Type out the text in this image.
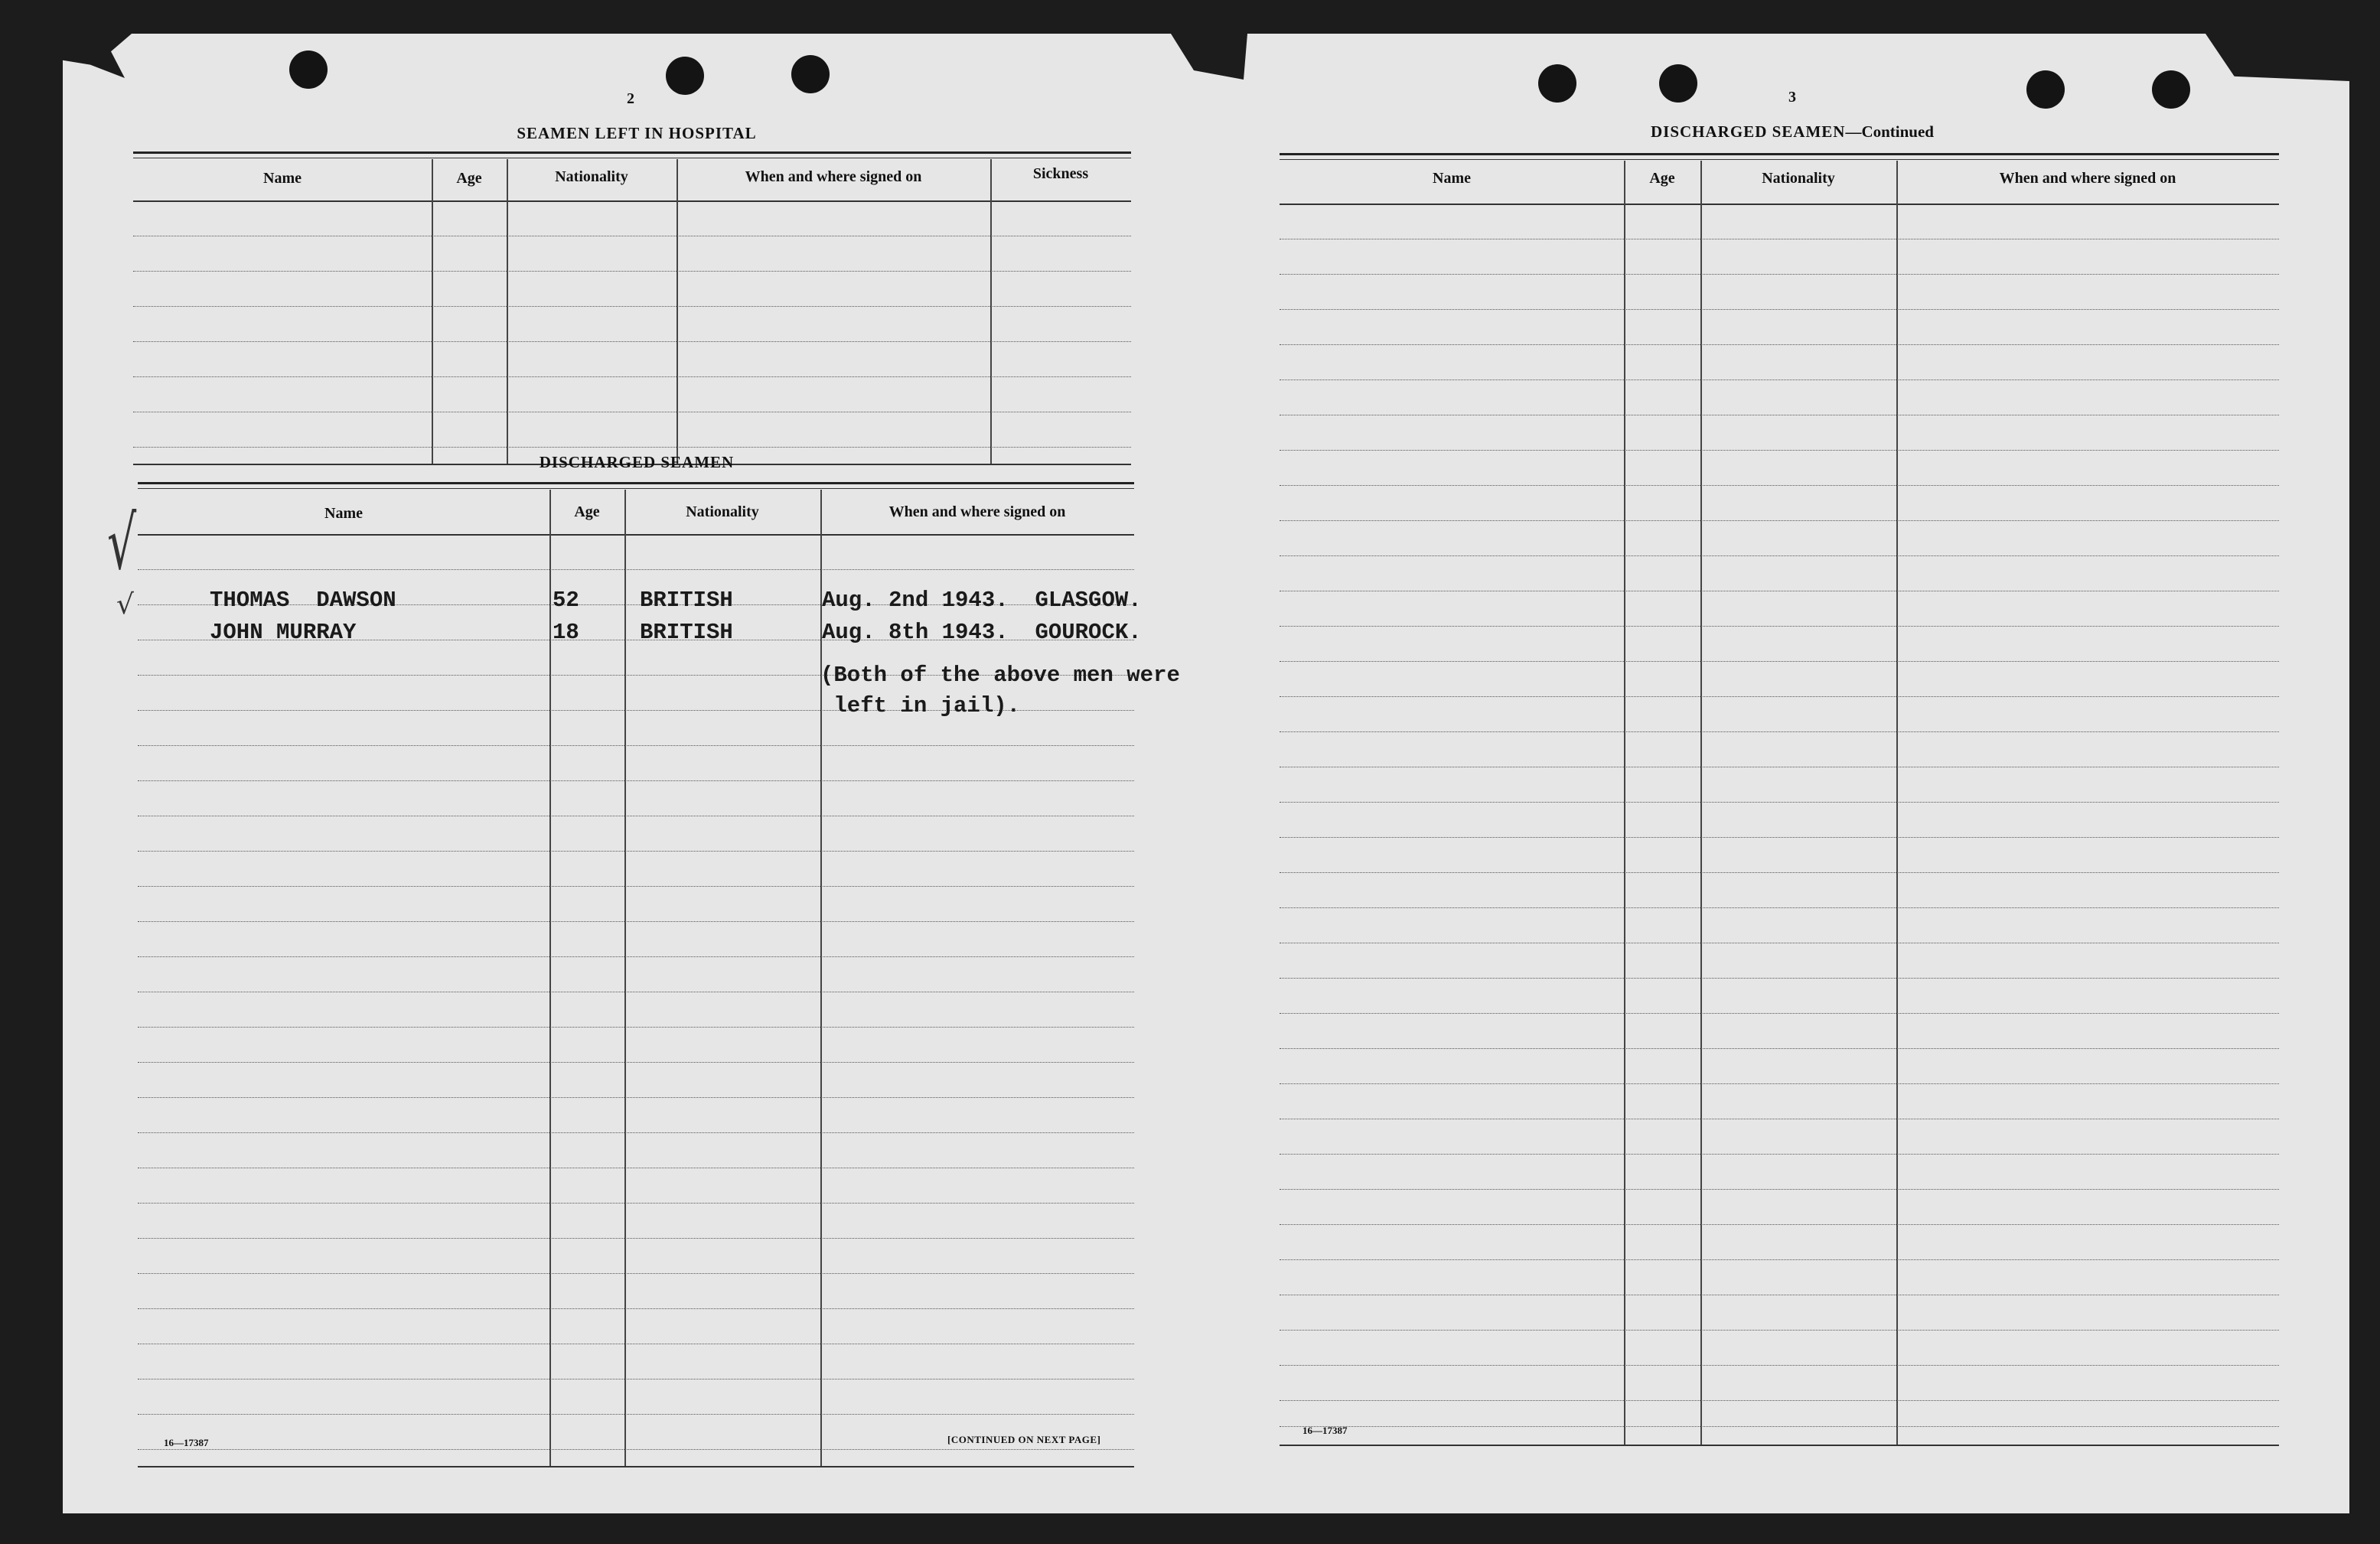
2
SEAMEN LEFT IN HOSPITAL
Name	Age	Nationality	When and where signed on	Sickness
DISCHARGED SEAMEN
Name	Age	Nationality	When and where signed on
THOMAS  DAWSON	52	BRITISH	Aug. 2nd 1943.  GLASGOW.
JOHN MURRAY	18	BRITISH	Aug. 8th 1943.  GOUROCK.
(Both of the above men were
left in jail).
√
√
16—17387	[CONTINUED ON NEXT PAGE]
3
DISCHARGED SEAMEN—Continued
Name	Age	Nationality	When and where signed on
16—17387
